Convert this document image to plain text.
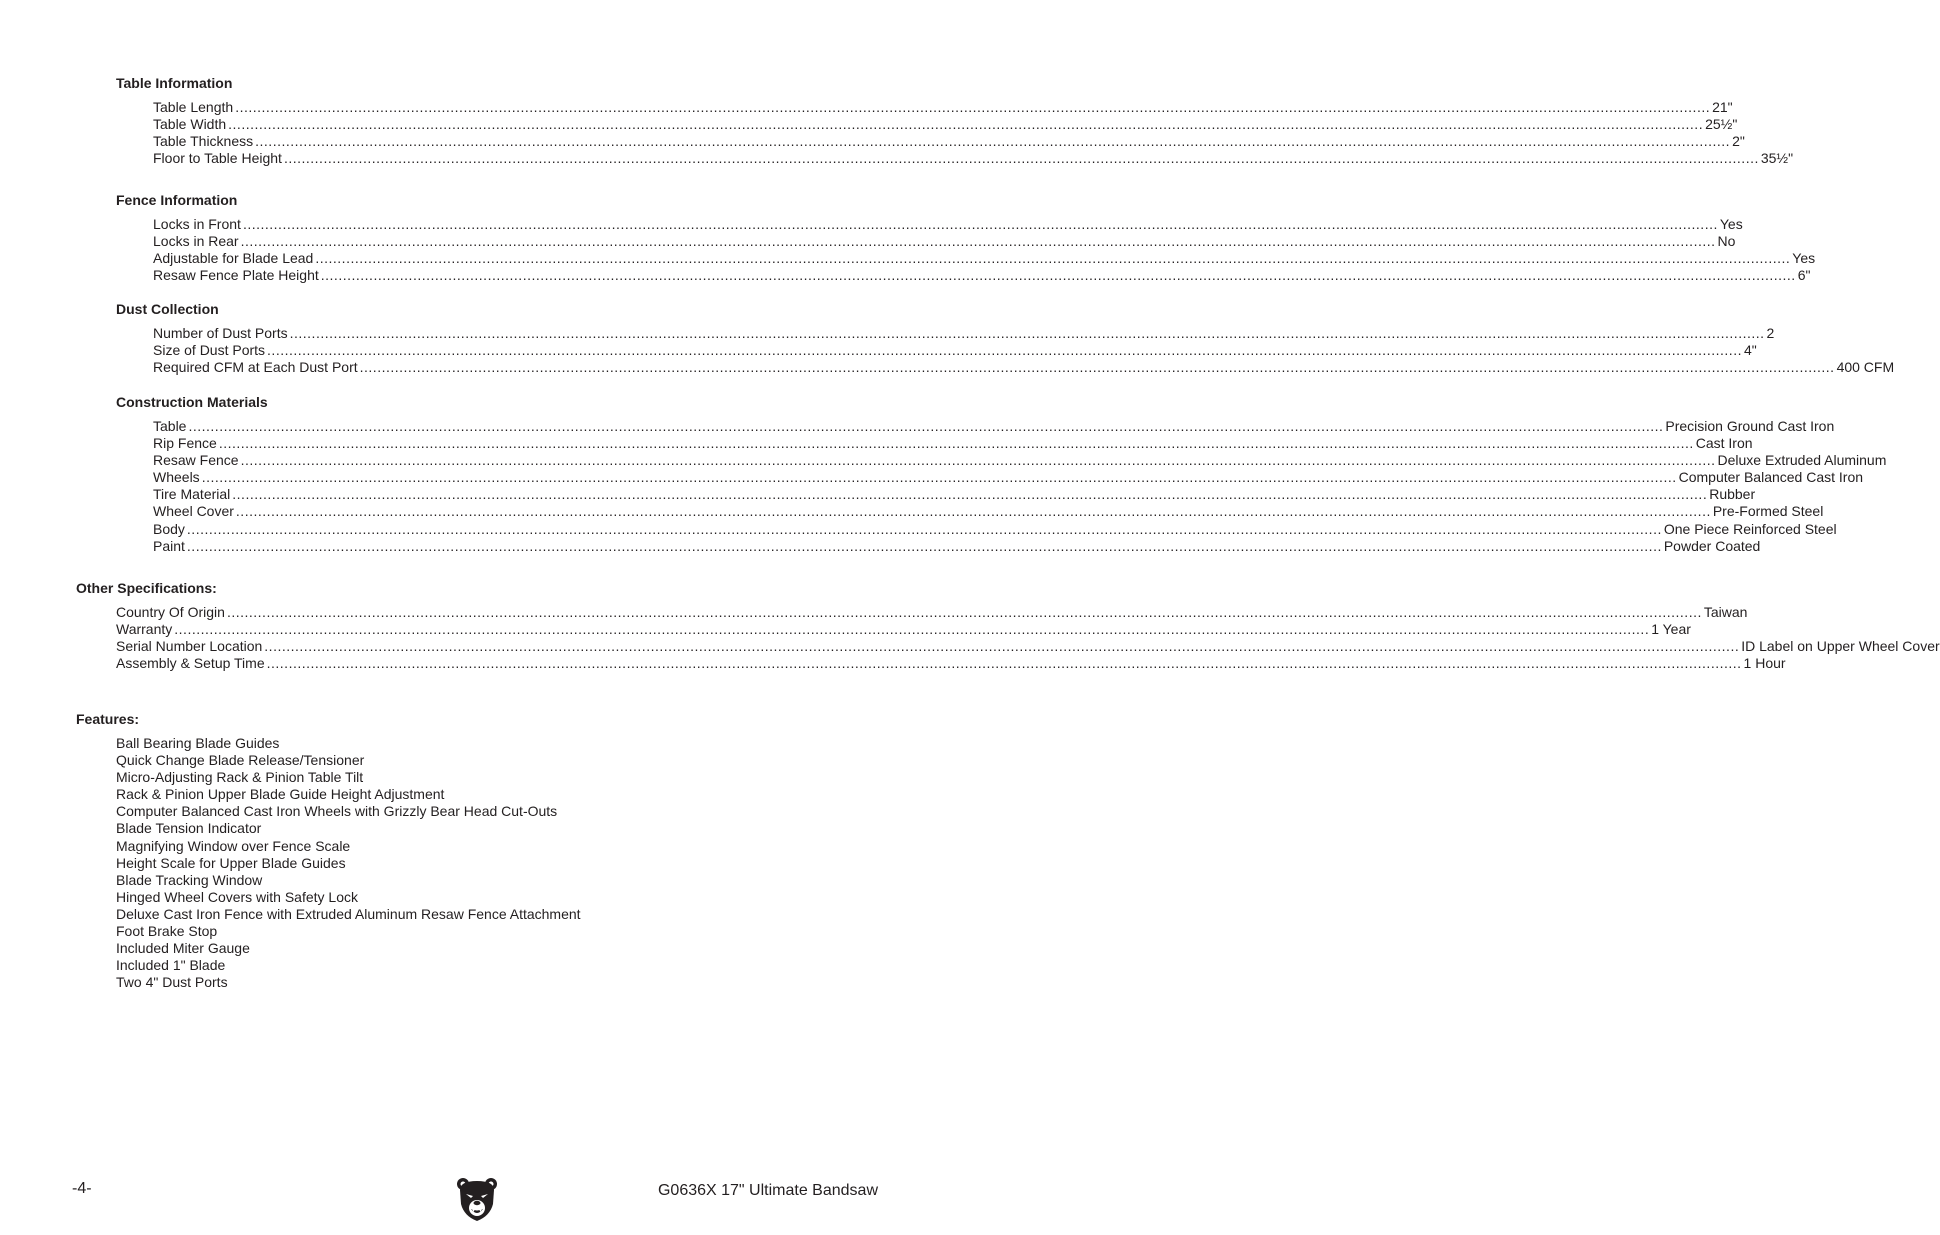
Table Information

Table Length ................................................................................................................................................................................................................................................................................................................................................ 21"
Table Width ................................................................................................................................................................................................................................................................................................................................................ 25½"
Table Thickness ................................................................................................................................................................................................................................................................................................................................................ 2"
Floor to Table Height ................................................................................................................................................................................................................................................................................................................................................ 35½"

Fence Information

Locks in Front ................................................................................................................................................................................................................................................................................................................................................ Yes
Locks in Rear ................................................................................................................................................................................................................................................................................................................................................ No
Adjustable for Blade Lead ................................................................................................................................................................................................................................................................................................................................................ Yes
Resaw Fence Plate Height ................................................................................................................................................................................................................................................................................................................................................ 6"

Dust Collection

Number of Dust Ports ................................................................................................................................................................................................................................................................................................................................................ 2
Size of Dust Ports ................................................................................................................................................................................................................................................................................................................................................ 4"
Required CFM at Each Dust Port ................................................................................................................................................................................................................................................................................................................................................ 400 CFM

Construction Materials

Table ................................................................................................................................................................................................................................................................................................................................................ Precision Ground Cast Iron
Rip Fence ................................................................................................................................................................................................................................................................................................................................................ Cast Iron
Resaw Fence ................................................................................................................................................................................................................................................................................................................................................ Deluxe Extruded Aluminum
Wheels ................................................................................................................................................................................................................................................................................................................................................ Computer Balanced Cast Iron
Tire Material ................................................................................................................................................................................................................................................................................................................................................ Rubber
Wheel Cover ................................................................................................................................................................................................................................................................................................................................................ Pre-Formed Steel
Body ................................................................................................................................................................................................................................................................................................................................................ One Piece Reinforced Steel
Paint ................................................................................................................................................................................................................................................................................................................................................ Powder Coated

Other Specifications:

Country Of Origin ................................................................................................................................................................................................................................................................................................................................................ Taiwan
Warranty ................................................................................................................................................................................................................................................................................................................................................ 1 Year
Serial Number Location ................................................................................................................................................................................................................................................................................................................................................ ID Label on Upper Wheel Cover
Assembly & Setup Time ................................................................................................................................................................................................................................................................................................................................................ 1 Hour

Features:

Ball Bearing Blade Guides
Quick Change Blade Release/Tensioner
Micro-Adjusting Rack & Pinion Table Tilt
Rack & Pinion Upper Blade Guide Height Adjustment
Computer Balanced Cast Iron Wheels with Grizzly Bear Head Cut-Outs
Blade Tension Indicator
Magnifying Window over Fence Scale
Height Scale for Upper Blade Guides
Blade Tracking Window
Hinged Wheel Covers with Safety Lock
Deluxe Cast Iron Fence with Extruded Aluminum Resaw Fence Attachment
Foot Brake Stop
Included Miter Gauge
Included 1" Blade
Two 4" Dust Ports
-4-	G0636X 17" Ultimate Bandsaw
